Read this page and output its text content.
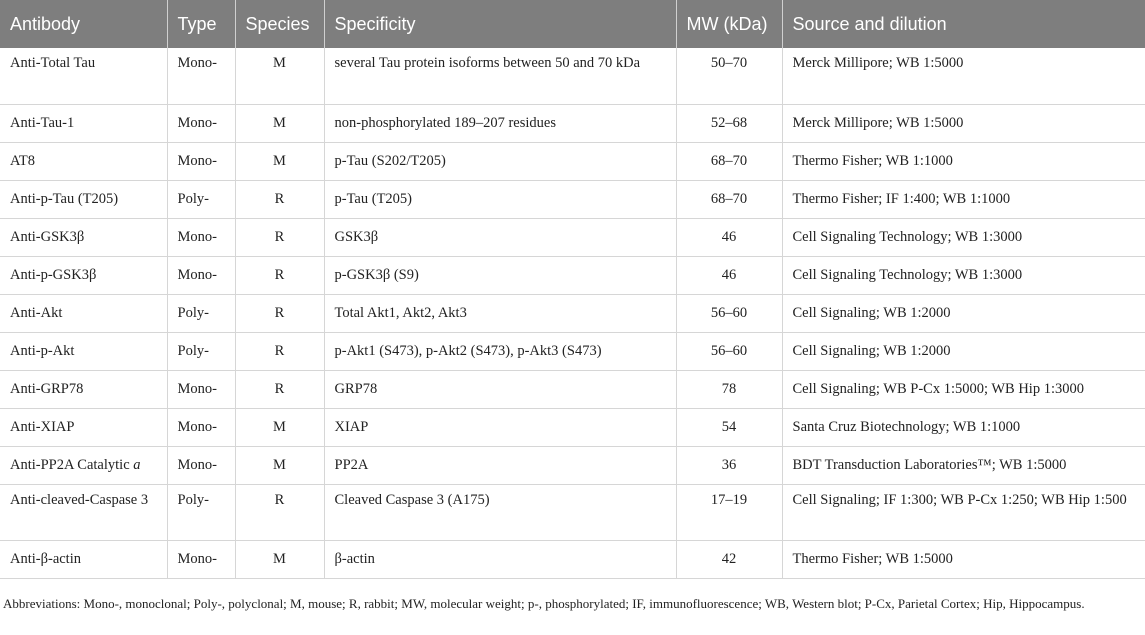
Antibody	Type	Species	Specificity	MW (kDa)	Source and dilution
Anti-Total Tau	Mono-	M	several Tau protein isoforms between 50 and 70 kDa	50–70	Merck Millipore; WB 1:5000
Anti-Tau-1	Mono-	M	non-phosphorylated 189–207 residues	52–68	Merck Millipore; WB 1:5000
AT8	Mono-	M	p-Tau (S202/T205)	68–70	Thermo Fisher; WB 1:1000
Anti-p-Tau (T205)	Poly-	R	p-Tau (T205)	68–70	Thermo Fisher; IF 1:400; WB 1:1000
Anti-GSK3β	Mono-	R	GSK3β	46	Cell Signaling Technology; WB 1:3000
Anti-p-GSK3β	Mono-	R	p-GSK3β (S9)	46	Cell Signaling Technology; WB 1:3000
Anti-Akt	Poly-	R	Total Akt1, Akt2, Akt3	56–60	Cell Signaling; WB 1:2000
Anti-p-Akt	Poly-	R	p-Akt1 (S473), p-Akt2 (S473), p-Akt3 (S473)	56–60	Cell Signaling; WB 1:2000
Anti-GRP78	Mono-	R	GRP78	78	Cell Signaling; WB P-Cx 1:5000; WB Hip 1:3000
Anti-XIAP	Mono-	M	XIAP	54	Santa Cruz Biotechnology; WB 1:1000
Anti-PP2A Catalytic a	Mono-	M	PP2A	36	BDT Transduction Laboratories™; WB 1:5000
Anti-cleaved-Caspase 3	Poly-	R	Cleaved Caspase 3 (A175)	17–19	Cell Signaling; IF 1:300; WB P-Cx 1:250; WB Hip 1:500
Anti-β-actin	Mono-	M	β-actin	42	Thermo Fisher; WB 1:5000
Abbreviations: Mono-, monoclonal; Poly-, polyclonal; M, mouse; R, rabbit; MW, molecular weight; p-, phosphorylated; IF, immunofluorescence; WB, Western blot; P-Cx, Parietal Cortex; Hip, Hippocampus.
